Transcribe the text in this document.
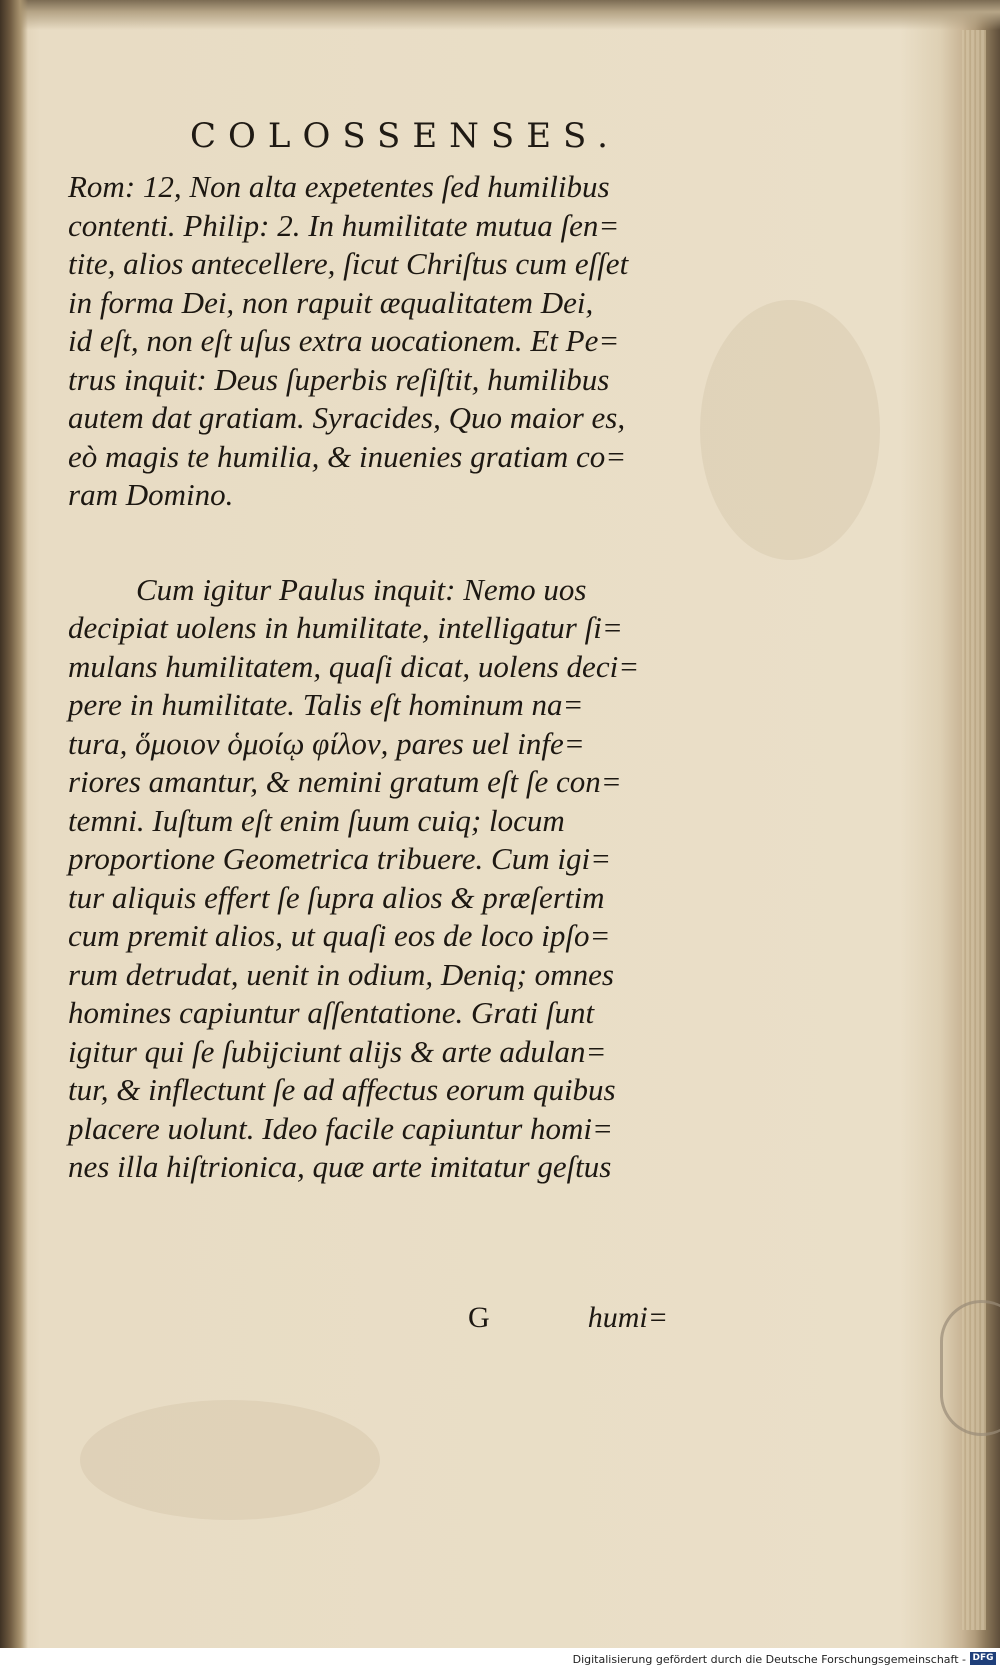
COLOSSENSES.
Rom: 12, Non alta expetentes ſed humilibus
contenti. Philip: 2. In humilitate mutua ſen=
tite, alios antecellere, ſicut Chriſtus cum eſſet
in forma Dei, non rapuit æqualitatem Dei,
id eſt, non eſt uſus extra uocationem. Et Pe=
trus inquit: Deus ſuperbis reſiſtit, humilibus
autem dat gratiam. Syracides, Quo maior es,
eò magis te humilia, & inuenies gratiam co=
ram Domino.
Cum igitur Paulus inquit: Nemo uos
decipiat uolens in humilitate, intelligatur ſi=
mulans humilitatem, quaſi dicat, uolens deci=
pere in humilitate. Talis eſt hominum na=
tura, ὅμοιον ὁμοίῳ φίλον, pares uel infe=
riores amantur, & nemini gratum eſt ſe con=
temni. Iuſtum eſt enim ſuum cuiq; locum
proportione Geometrica tribuere. Cum igi=
tur aliquis effert ſe ſupra alios & præſertim
cum premit alios, ut quaſi eos de loco ipſo=
rum detrudat, uenit in odium, Deniq; omnes
homines capiuntur aſſentatione. Grati ſunt
igitur qui ſe ſubijciunt alijs & arte adulan=
tur, & inflectunt ſe ad affectus eorum quibus
placere uolunt. Ideo facile capiuntur homi=
nes illa hiſtrionica, quæ arte imitatur geſtus
G	humi=
Digitalisierung gefördert durch die Deutsche Forschungsgemeinschaft - DFG
